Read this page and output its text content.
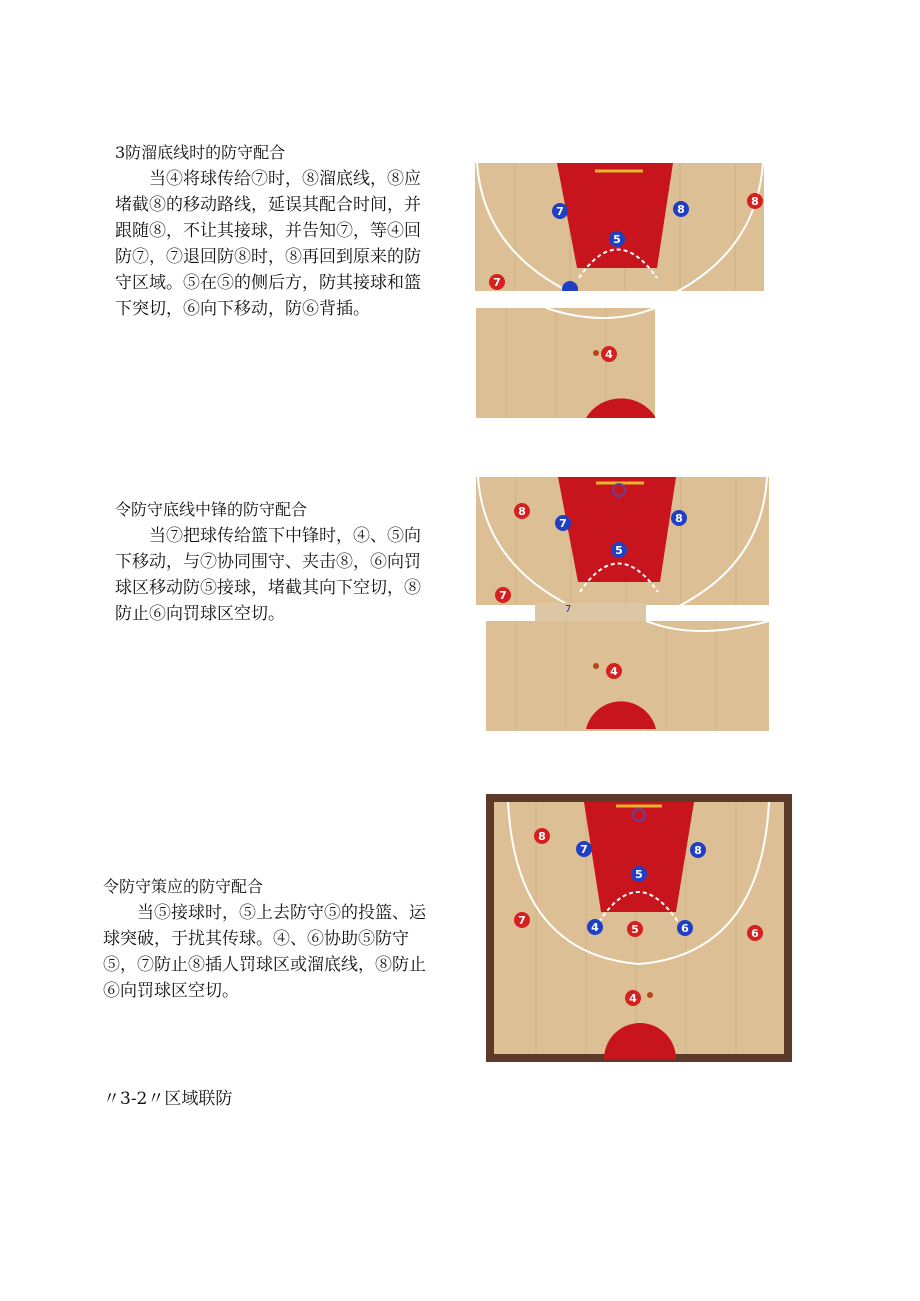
3防溜底线时的防守配合

当④将球传给⑦时，⑧溜底线，⑧应堵截⑧的移动路线，延误其配合时间，并跟随⑧，不让其接球，并告知⑦，等④回防⑦，⑦退回防⑧时，⑧再回到原来的防守区域。⑤在⑤的侧后方，防其接球和篮下突切，⑥向下移动，防⑥背插。

令防守底线中锋的防守配合

当⑦把球传给篮下中锋时，④、⑤向下移动，与⑦协同围守、夹击⑧，⑥向罚球区移动防⑤接球，堵截其向下空切，⑧防止⑥向罚球区空切。

令防守策应的防守配合

当⑤接球时，⑤上去防守⑤的投篮、运球突破，于扰其传球。④、⑥协助⑤防守⑤，⑦防止⑧插人罚球区或溜底线，⑧防止⑥向罚球区空切。

〃3-2〃区域联防
7	8
5
8
7
4
8
7	8
5
7
7
4
8
7	8
5
7
4	5	6	6
4
